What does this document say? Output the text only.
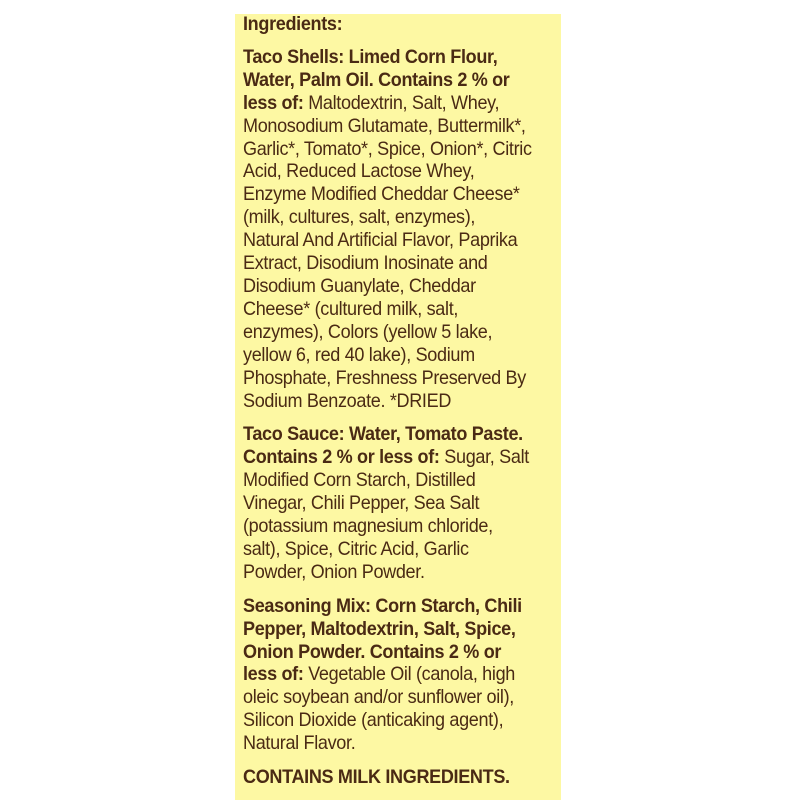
Ingredients:
Taco Shells: Limed Corn Flour,
Water, Palm Oil. Contains 2 % or
less of: Maltodextrin, Salt, Whey,
Monosodium Glutamate, Buttermilk*,
Garlic*, Tomato*, Spice, Onion*, Citric
Acid, Reduced Lactose Whey,
Enzyme Modified Cheddar Cheese*
(milk, cultures, salt, enzymes),
Natural And Artificial Flavor, Paprika
Extract, Disodium Inosinate and
Disodium Guanylate, Cheddar
Cheese* (cultured milk, salt,
enzymes), Colors (yellow 5 lake,
yellow 6, red 40 lake), Sodium
Phosphate, Freshness Preserved By
Sodium Benzoate. *DRIED
Taco Sauce: Water, Tomato Paste.
Contains 2 % or less of: Sugar, Salt
Modified Corn Starch, Distilled
Vinegar, Chili Pepper, Sea Salt
(potassium magnesium chloride,
salt), Spice, Citric Acid, Garlic
Powder, Onion Powder.
Seasoning Mix: Corn Starch, Chili
Pepper, Maltodextrin, Salt, Spice,
Onion Powder. Contains 2 % or
less of: Vegetable Oil (canola, high
oleic soybean and/or sunflower oil),
Silicon Dioxide (anticaking agent),
Natural Flavor.
CONTAINS MILK INGREDIENTS.
